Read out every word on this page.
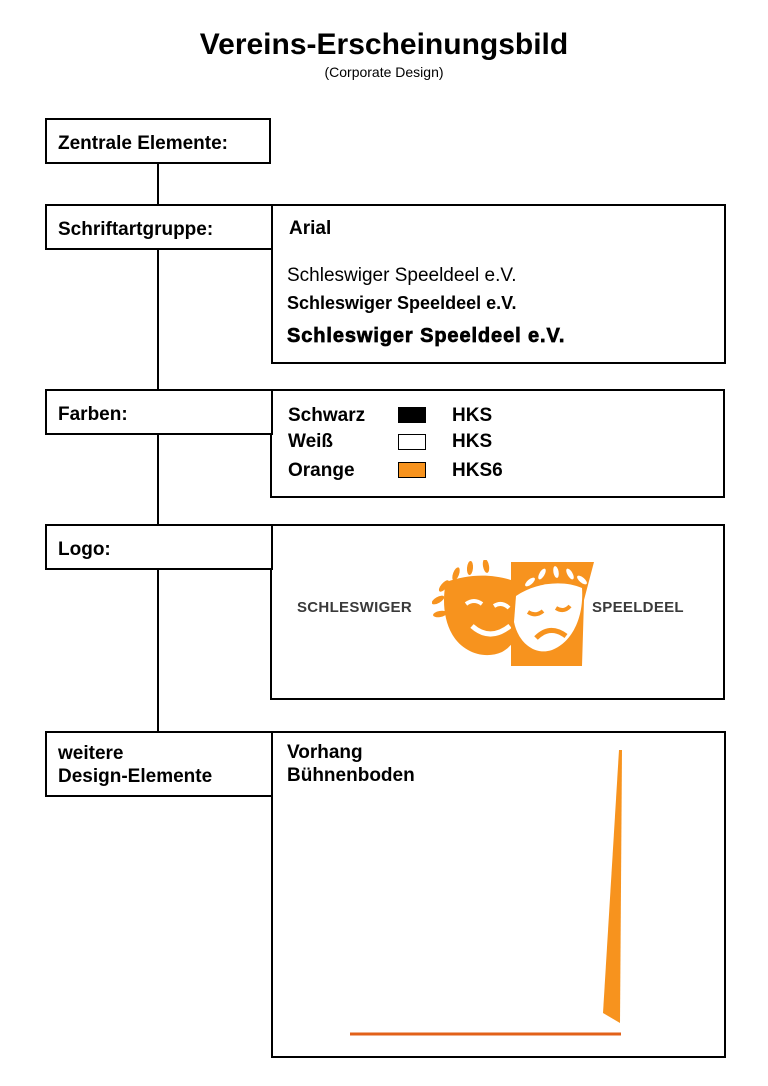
Vereins-Erscheinungsbild
(Corporate Design)
Zentrale Elemente:
Arial
Schleswiger Speeldeel e.V.
Schleswiger Speeldeel e.V.
Schleswiger Speeldeel e.V.
Schriftartgruppe:
Schwarz	HKS
Weiß	HKS
Orange	HKS6
Farben:
SCHLESWIGER	SPEELDEEL
Logo:
Vorhang
Bühnenboden
weitere
Design-Elemente
